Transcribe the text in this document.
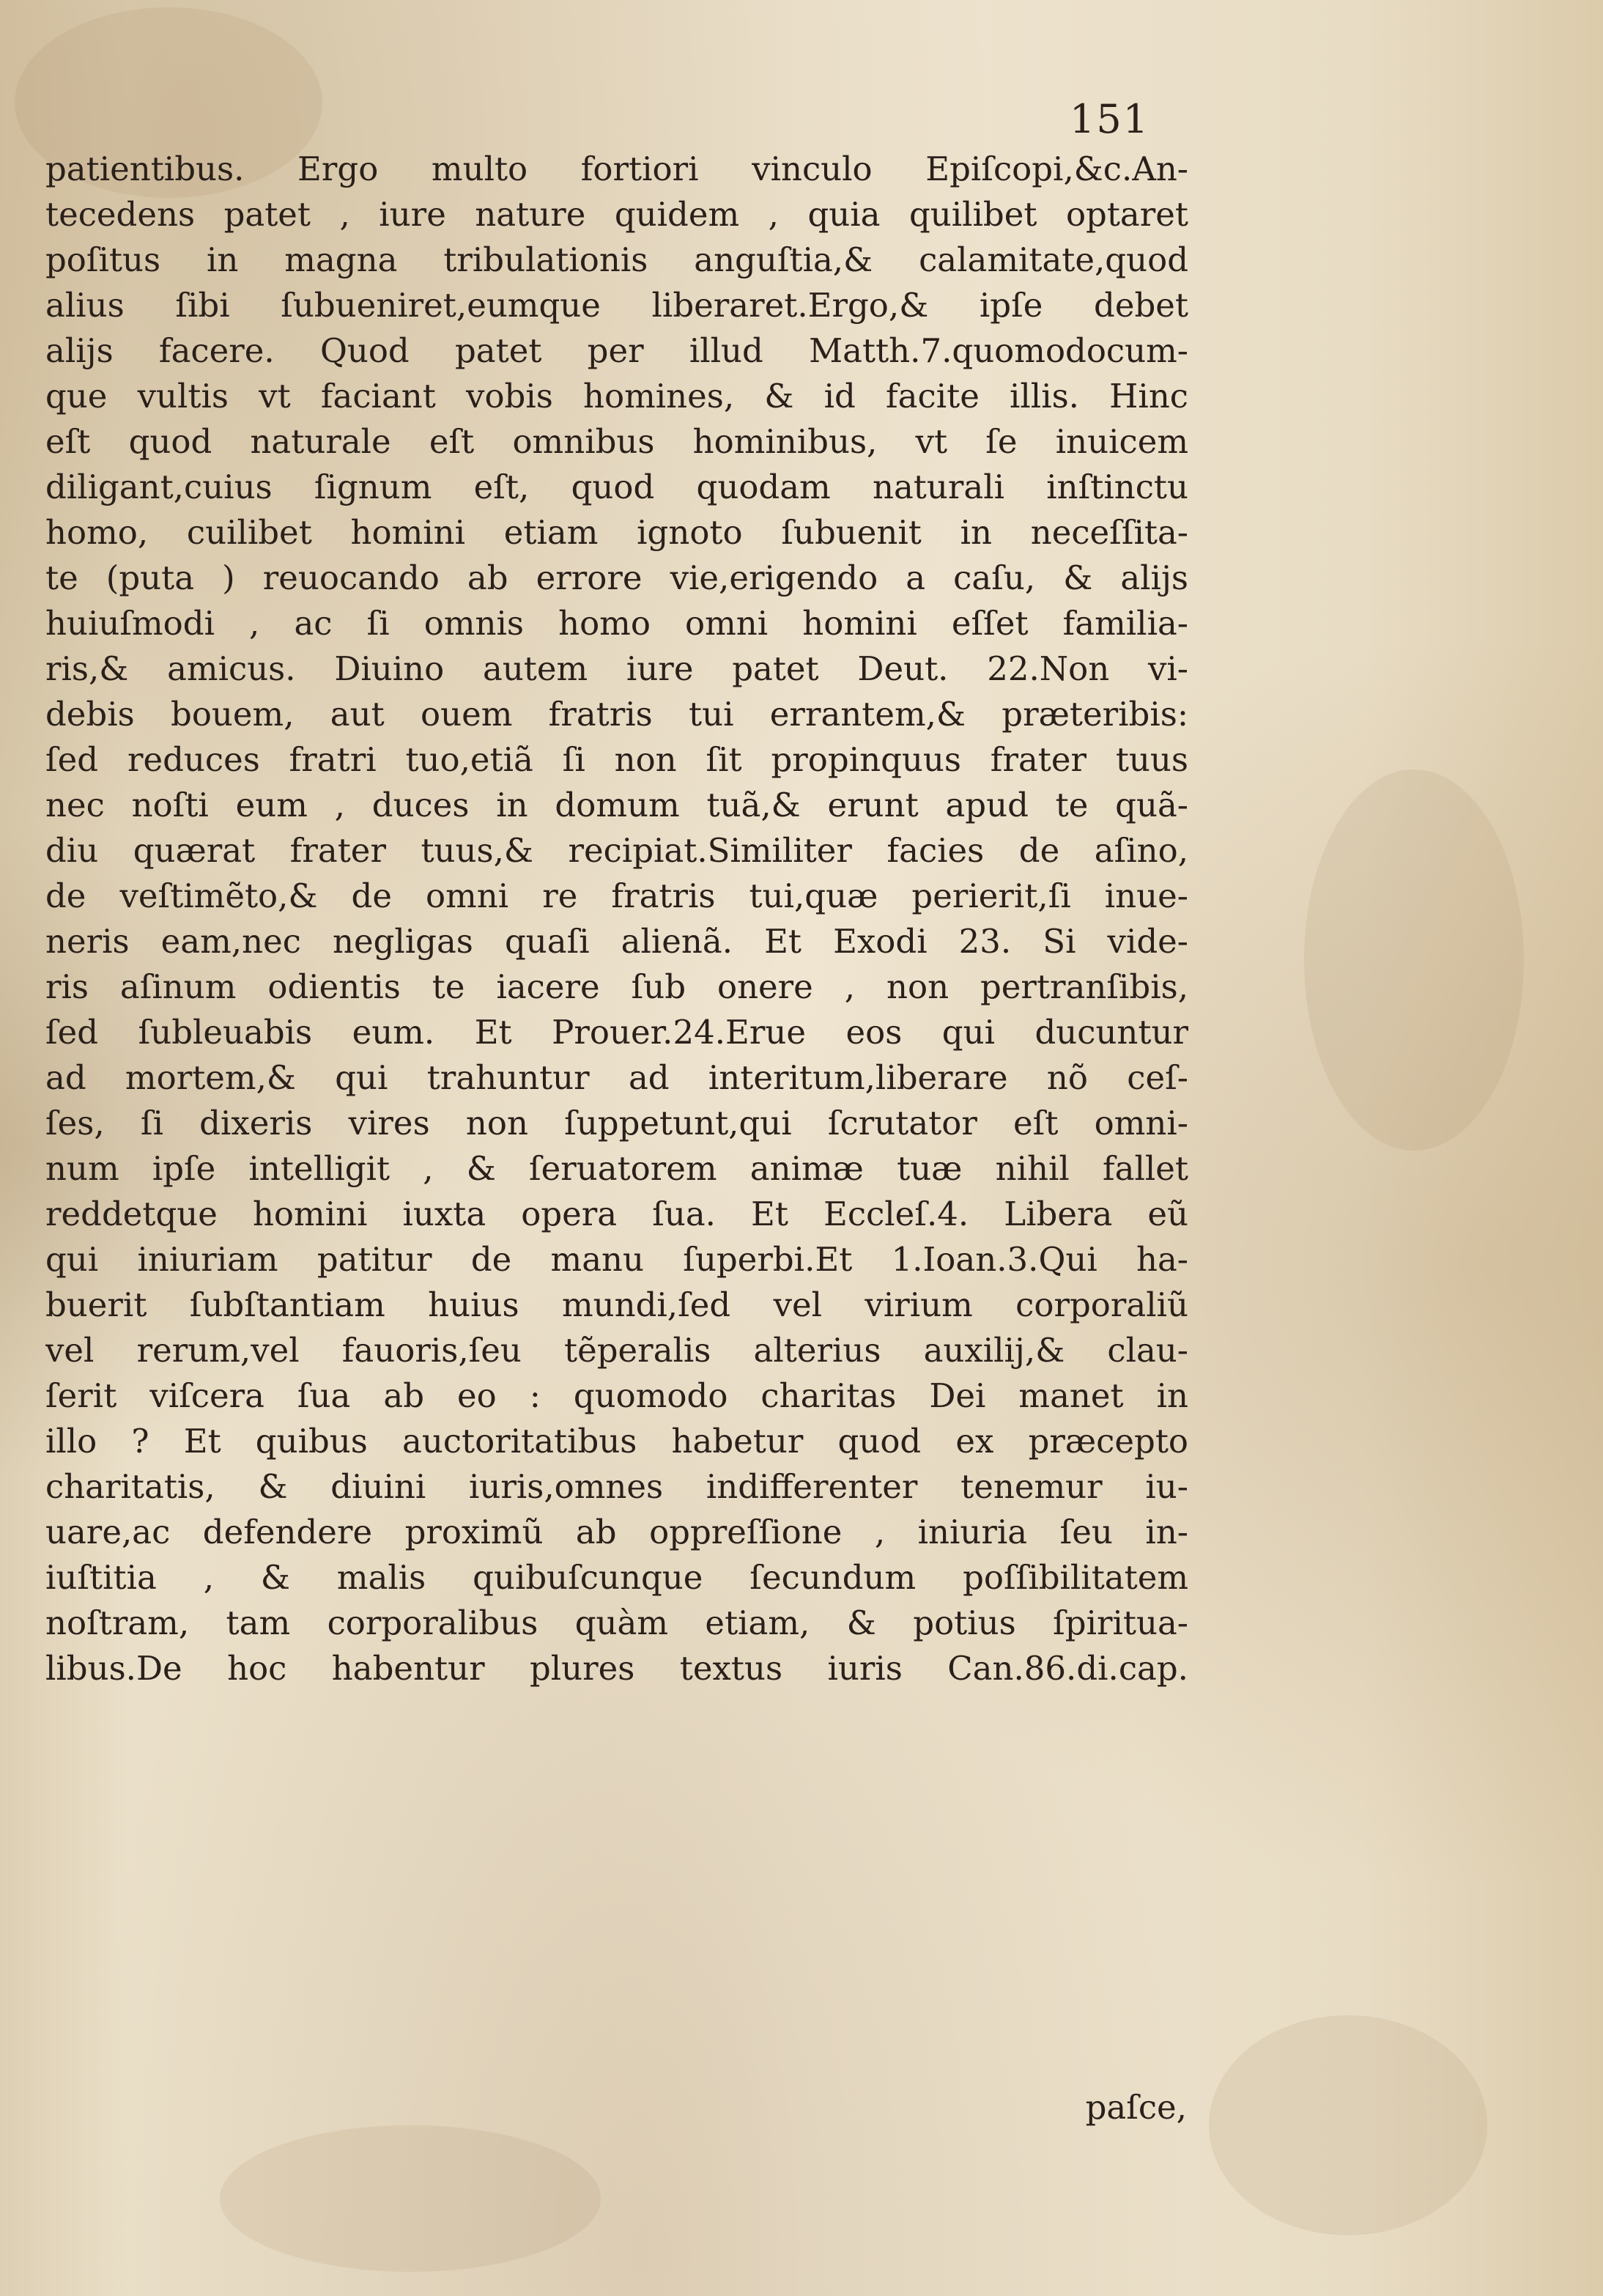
151
patientibus. Ergo multo fortiori vinculo Epiſcopi,&c.An-
tecedens patet , iure nature quidem , quia quilibet optaret
poſitus in magna tribulationis anguſtia,& calamitate,quod
alius ſibi ſubueniret,eumque liberaret.Ergo,& ipſe debet
alijs facere. Quod patet per illud Matth.7.quomodocum-
que vultis vt faciant vobis homines, & id facite illis. Hinc
eſt quod naturale eſt omnibus hominibus, vt ſe inuicem
diligant,cuius ſignum eſt, quod quodam naturali inſtinctu
homo, cuilibet homini etiam ignoto ſubuenit in neceſſita-
te (puta ) reuocando ab errore vie,erigendo a caſu, & alijs
huiuſmodi , ac ſi omnis homo omni homini eſſet familia-
ris,& amicus. Diuino autem iure patet Deut. 22.Non vi-
debis bouem, aut ouem fratris tui errantem,& præteribis:
ſed reduces fratri tuo,etiã ſi non ſit propinquus frater tuus
nec noſti eum , duces in domum tuã,& erunt apud te quã-
diu quærat frater tuus,& recipiat.Similiter facies de aſino,
de veſtimẽto,& de omni re fratris tui,quæ perierit,ſi inue-
neris eam,nec negligas quaſi alienã. Et Exodi 23. Si vide-
ris aſinum odientis te iacere ſub onere , non pertranſibis,
ſed ſubleuabis eum. Et Prouer.24.Erue eos qui ducuntur
ad mortem,& qui trahuntur ad interitum,liberare nõ ceſ-
ſes, ſi dixeris vires non ſuppetunt,qui ſcrutator eſt omni-
num ipſe intelligit , & ſeruatorem animæ tuæ nihil fallet
reddetque homini iuxta opera ſua. Et Eccleſ.4. Libera eũ
qui iniuriam patitur de manu ſuperbi.Et 1.Ioan.3.Qui ha-
buerit ſubſtantiam huius mundi,ſed vel virium corporaliũ
vel rerum,vel fauoris,ſeu tẽperalis alterius auxilij,& clau-
ſerit viſcera ſua ab eo : quomodo charitas Dei manet in
illo ? Et quibus auctoritatibus habetur quod ex præcepto
charitatis, & diuini iuris,omnes indifferenter tenemur iu-
uare,ac defendere proximũ ab oppreſſione , iniuria ſeu in-
iuſtitia , & malis quibuſcunque ſecundum poſſibilitatem
noſtram, tam corporalibus quàm etiam, & potius ſpiritua-
libus.De hoc habentur plures textus iuris Can.86.di.cap.
paſce,
